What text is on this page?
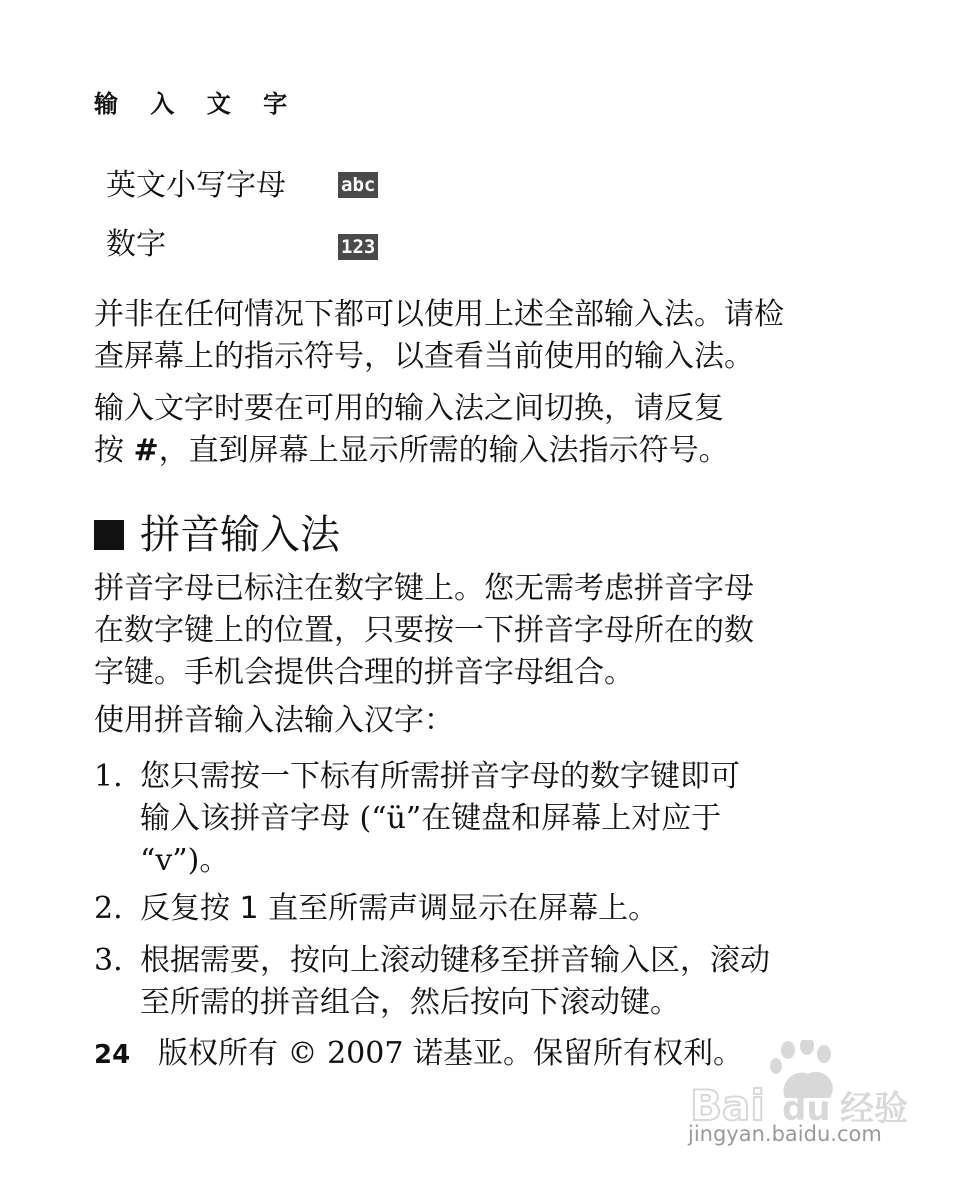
输 入 文 字
英文小写字母	abc
数字	123
并非在任何情况下都可以使用上述全部输入法。请检
查屏幕上的指示符号，以查看当前使用的输入法。
输入文字时要在可用的输入法之间切换，请反复
按 #，直到屏幕上显示所需的输入法指示符号。
拼音输入法
拼音字母已标注在数字键上。您无需考虑拼音字母
在数字键上的位置，只要按一下拼音字母所在的数
字键。手机会提供合理的拼音字母组合。
使用拼音输入法输入汉字：
1. 您只需按一下标有所需拼音字母的数字键即可
输入该拼音字母 (“ü”在键盘和屏幕上对应于
“v”)。
2. 反复按 1 直至所需声调显示在屏幕上。
3. 根据需要，按向上滚动键移至拼音输入区，滚动
至所需的拼音组合，然后按向下滚动键。
24 版权所有 © 2007 诺基亚。保留所有权利。
Bai du 经验
jingyan.baidu.com
